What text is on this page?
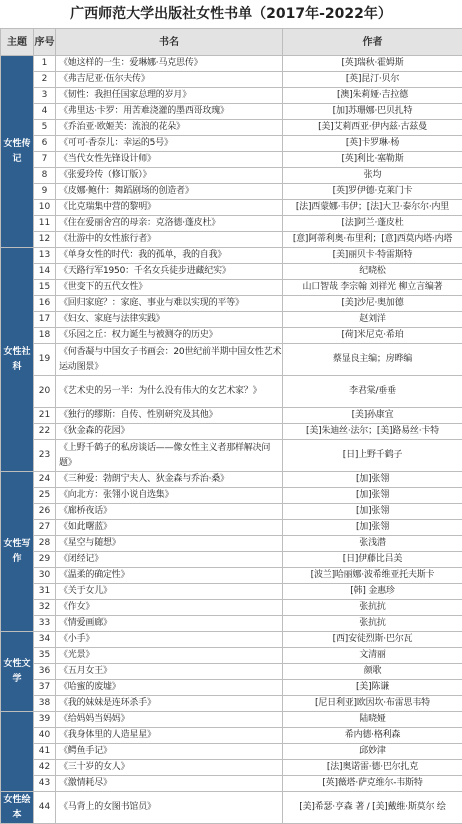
广西师范大学出版社女性书单（2017年-2022年）
主题	序号	书名	作者
女性传记	1	《她这样的一生：爱琳娜·马克思传》	[英]瑞秋·霍姆斯
	2	《弗吉尼亚·伍尔夫传》	[英]昆汀·贝尔
	3	《韧性：我担任国家总理的岁月》	[澳]朱莉娅·吉拉德
	4	《弗里达·卡罗：用苦难浇灌的墨西哥玫瑰》	[加]苏珊娜·巴贝扎特
	5	《乔治亚·欧姬芙：流浪的花朵》	[美]艾莉西亚·伊内兹·古兹曼
	6	《可可·香奈儿：幸运的5号》	[英]卡罗琳·杨
	7	《当代女性先锋设计师》	[英]利比·塞勒斯
	8	《张爱玲传（修订版）》	张均
	9	《皮娜·鲍什：舞蹈剧场的创造者》	[英]罗伊德·克莱门卡
	10	《比克瑞集中营的黎明》	[法]西蒙娜·韦伊；[法]大卫·泰尔尔·内里
	11	《住在爱丽舍宫的母亲：克洛德·蓬皮杜》	[法]阿兰·蓬皮杜
	12	《壮游中的女性旅行者》	[意]阿蒂利奥·布里利；[意]西莫内塔·内塔
女性社科	13	《单身女性的时代：我的孤单，我的自我》	[美]丽贝卡·特雷斯特
	14	《天路行军1950：千名女兵徒步进藏纪实》	纪晓松
	15	《世变下的五代女性》	山口智哉 李宗翰 刘祥光 柳立言编著
	16	《回归家庭？：家庭、事业与难以实现的平等》	[美]沙尼·奥加德
	17	《妇女、家庭与法律实践》	赵刘洋
	18	《乐园之丘：权力诞生与被测夺的历史》	[荷]米尼克·希珀
	19	《何香凝与中国女子书画会：20世纪前半期中国女性艺术运动图景》	蔡显良主编；房晔编
	20	《艺术史的另一半：为什么没有伟大的女艺术家？》	李君棠/垂垂
	21	《独行的缪斯：自传、性别研究及其他》	[美]孙康宜
	22	《狄金森的花园》	[美]朱迪丝·法尔；[美]路易丝·卡特
	23	《上野千鹤子的私房谈话——像女性主义者那样解决问题》	[日]上野千鹤子
女性写作	24	《三种爱：勃朗宁夫人、狄金森与乔治·桑》	[加]张翎
	25	《向北方：张翎小说自选集》	[加]张翎
	26	《廊桥夜话》	[加]张翎
	27	《如此曙蓝》	[加]张翎
	28	《星空与随想》	张浅潜
	29	《闭经记》	[日]伊藤比吕美
	30	《温柔的确定性》	[波兰]哈丽娜·波希维亚托夫斯卡
	31	《关于女儿》	[韩] 金惠珍
	32	《作女》	张抗抗
	33	《情爱画廊》	张抗抗
女性文学	34	《小手》	[西]安徒烈斯·巴尔瓦
	35	《光景》	文清丽
	36	《五月女王》	颜歌
	37	《哈蜜的废墟》	[美]陈谦
	38	《我的妹妹是连环杀手》	[尼日利亚]欧因坎·布雷思韦特
	39	《给妈妈当妈妈》	陆晓娅
	40	《我身体里的人造星星》	希内德·格利森
	41	《鳄鱼手记》	邱妙津
	42	《三十岁的女人》	[法]奥诺雷·德·巴尔扎克
	43	《激情耗尽》	[英]薇塔·萨克维尔-韦斯特
女性绘本	44	《马背上的女图书馆员》	[美]希瑟·亨森 著 / [美]戴维·斯莫尔 绘
